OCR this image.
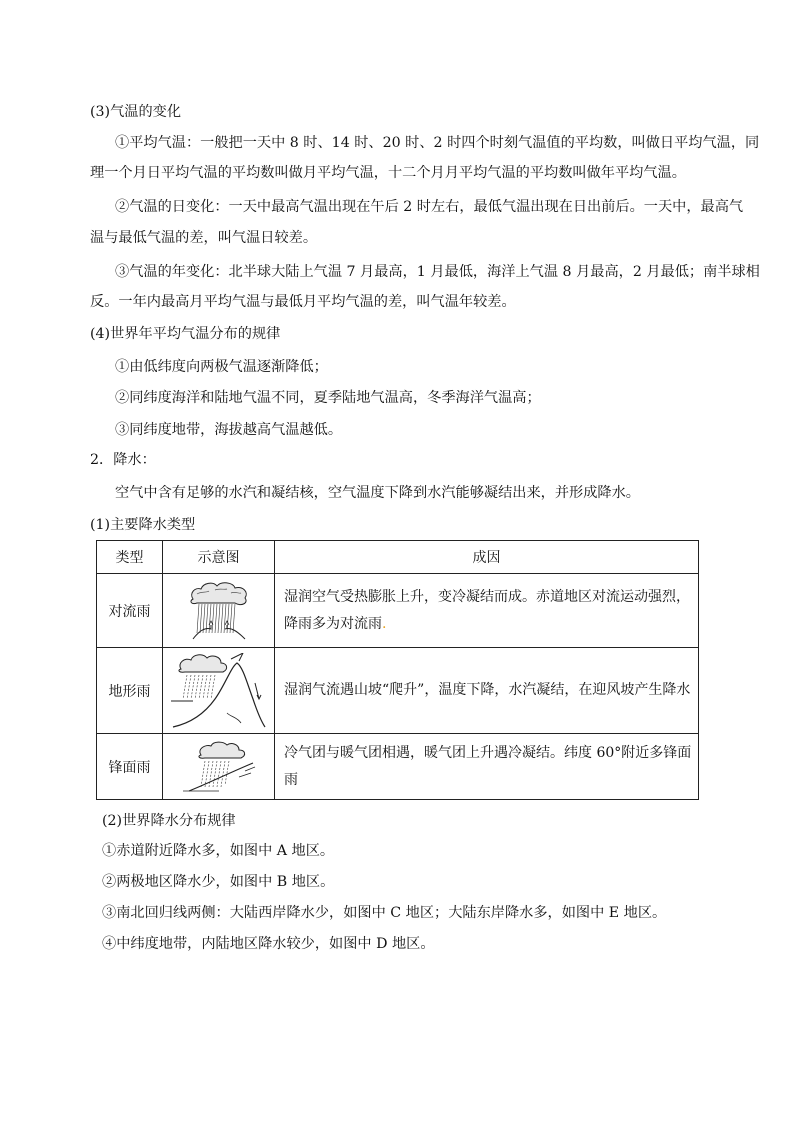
(3)气温的变化
①平均气温：一般把一天中 8 时、14 时、20 时、2 时四个时刻气温值的平均数，叫做日平均气温，同
理一个月日平均气温的平均数叫做月平均气温，十二个月月平均气温的平均数叫做年平均气温。
②气温的日变化：一天中最高气温出现在午后 2 时左右，最低气温出现在日出前后。一天中，最高气
温与最低气温的差，叫气温日较差。
③气温的年变化：北半球大陆上气温 7 月最高，1 月最低，海洋上气温 8 月最高，2 月最低；南半球相
反。一年内最高月平均气温与最低月平均气温的差，叫气温年较差。
(4)世界年平均气温分布的规律
①由低纬度向两极气温逐渐降低；
②同纬度海洋和陆地气温不同，夏季陆地气温高，冬季海洋气温高；
③同纬度地带，海拔越高气温越低。
2．降水：
空气中含有足够的水汽和凝结核，空气温度下降到水汽能够凝结出来，并形成降水。
(1)主要降水类型
类型	示意图	成因
对流雨		湿润空气受热膨胀上升，变冷凝结而成。赤道地区对流运动强烈，
降雨多为对流雨.

地形雨		湿润气流遇山坡“爬升”，温度下降，水汽凝结，在迎风坡产生降水
锋面雨		冷气团与暖气团相遇，暖气团上升遇冷凝结。纬度 60°附近多锋面雨
(2)世界降水分布规律
①赤道附近降水多，如图中 A 地区。
②两极地区降水少，如图中 B 地区。
③南北回归线两侧：大陆西岸降水少，如图中 C 地区；大陆东岸降水多，如图中 E 地区。
④中纬度地带，内陆地区降水较少，如图中 D 地区。
